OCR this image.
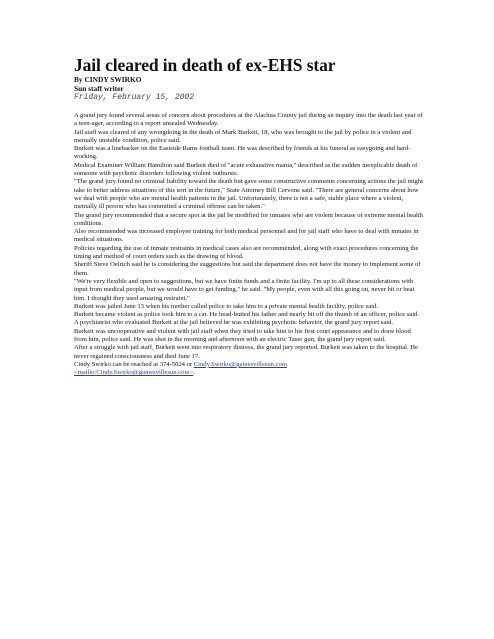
Jail cleared in death of ex-EHS star
By CINDY SWIRKO
Sun staff writer
Friday, February 15, 2002

A grand jury found several areas of concern about procedures at the Alachua County jail during an inquiry into the death last year of a teen-ager, according to a report unsealed Wednesday.

Jail staff was cleared of any wrongdoing in the death of Mark Burkett, 18, who was brought to the jail by police in a violent and mentally unstable condition, police said.

Burkett was a linebacker on the Eastside Rams football team. He was described by friends at his funeral as easygoing and hard-working.

Medical Examiner William Hamilton said Burkett died of "acute exhaustive mania," described as the sudden inexplicable death of someone with psychotic disorders following violent outbursts.

"The grand jury found no criminal liability toward the death but gave some constructive comments concerning actions the jail might take to better address situations of this sort in the future," State Attorney Bill Cervone said. "There are general concerns about how we deal with people who are mental health patients in the jail. Unfortunately, there is not a safe, stable place where a violent, mentally ill person who has committed a criminal offense can be taken."

The grand jury recommended that a secure spot at the jail be modified for inmates who are violent because of extreme mental health conditions.

Also recommended was increased employee training for both medical personnel and for jail staff who have to deal with inmates in medical situations.

Policies regarding the use of inmate restraints in medical cases also are recommended, along with exact procedures concerning the timing and method of court orders such as the drawing of blood.

Sheriff Steve Oelrich said he is considering the suggestions but said the department does not have the money to implement some of them.

"We're very flexible and open to suggestions, but we have finite funds and a finite facility. I'm up to all these considerations with input from medical people, but we would have to get funding," he said. "My people, even with all this going on, never hit or beat him. I thought they used amazing restraint."

Burkett was jailed June 13 when his mother called police to take him to a private mental health facility, police said.

Burkett became violent as police took him to a car. He head-butted his father and nearly bit off the thumb of an officer, police said.

A psychiatrist who evaluated Burkett at the jail believed he was exhibiting psychotic behavior, the grand jury report said.

Burkett was uncooperative and violent with jail staff when they tried to take him to his first court appearance and to draw blood from him, police said. He was shot in the morning and afternoon with an electric Taser gun, the grand jury report said.

After a struggle with jail staff, Burkett went into respiratory distress, the grand jury reported. Burkett was taken to the hospital. He never regained consciousness and died June 17.

Cindy Swirko can be reached at 374-5024 or Cindy.Swirko@gainesvillesun.com
<mailto:Cindy.Swirko@gainesvillesun.com>.
